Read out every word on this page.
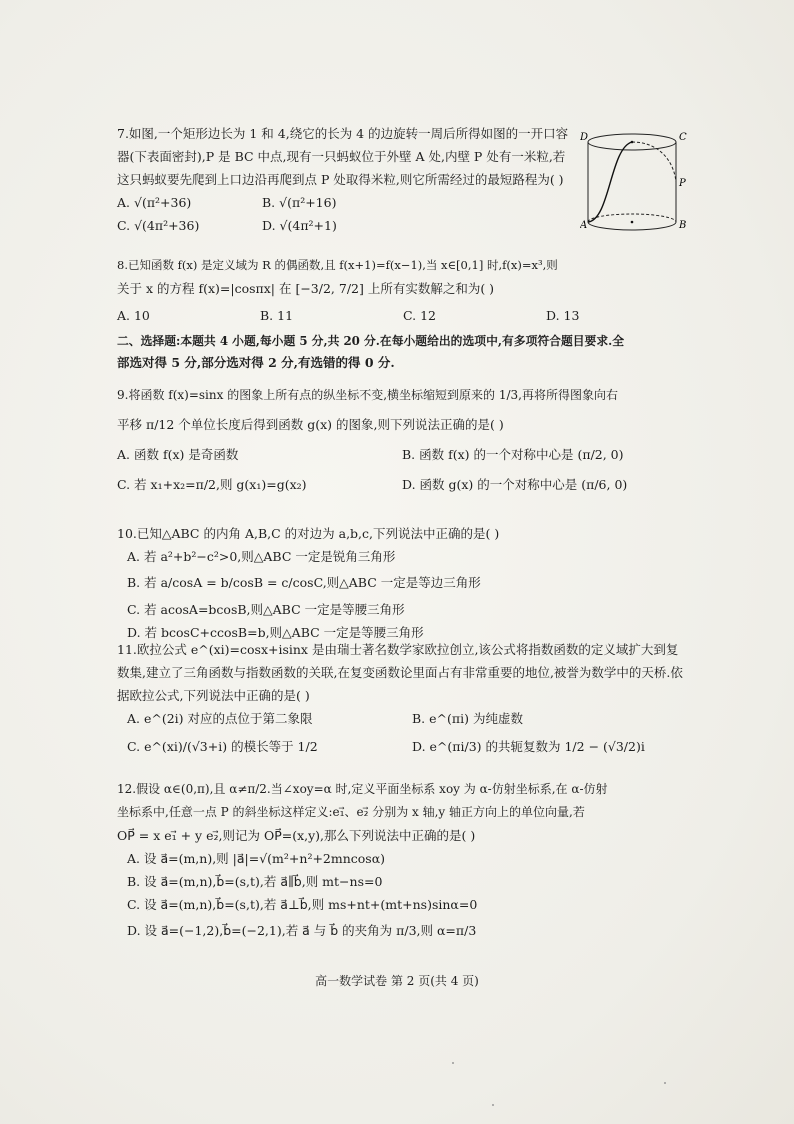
7.如图,一个矩形边长为 1 和 4,绕它的长为 4 的边旋转一周后所得如图的一开口容器(下表面密封),P 是 BC 中点,现有一只蚂蚁位于外壁 A 处,内壁 P 处有一米粒,若这只蚂蚁要先爬到上口边沿再爬到点 P 处取得米粒,则它所需经过的最短路程为( )

A. √(π²+36)	B. √(π²+16)
C. √(4π²+36)	D. √(4π²+1)
D	C
P
A	B

8.已知函数 f(x) 是定义域为 R 的偶函数,且 f(x+1)=f(x−1),当 x∈[0,1] 时,f(x)=x³,则

关于 x 的方程 f(x)=|cosπx| 在 [−3/2, 7/2] 上所有实数解之和为( )

A. 10	B. 11	C. 12	D. 13
二、选择题:本题共 4 小题,每小题 5 分,共 20 分.在每小题给出的选项中,有多项符合题目要求.全
部选对得 5 分,部分选对得 2 分,有选错的得 0 分.

9.将函数 f(x)=sinx 的图象上所有点的纵坐标不变,横坐标缩短到原来的 1/3,再将所得图象向右

平移 π/12 个单位长度后得到函数 g(x) 的图象,则下列说法正确的是( )

A. 函数 f(x) 是奇函数	B. 函数 f(x) 的一个对称中心是 (π/2, 0)
C. 若 x₁+x₂=π/2,则 g(x₁)=g(x₂)	D. 函数 g(x) 的一个对称中心是 (π/6, 0)

10.已知△ABC 的内角 A,B,C 的对边为 a,b,c,下列说法中正确的是( )

A. 若 a²+b²−c²>0,则△ABC 一定是锐角三角形

B. 若 a/cosA = b/cosB = c/cosC,则△ABC 一定是等边三角形

C. 若 acosA=bcosB,则△ABC 一定是等腰三角形

D. 若 bcosC+ccosB=b,则△ABC 一定是等腰三角形

11.欧拉公式 e^(xi)=cosx+isinx 是由瑞士著名数学家欧拉创立,该公式将指数函数的定义域扩大到复数集,建立了三角函数与指数函数的关联,在复变函数论里面占有非常重要的地位,被誉为数学中的天桥.依据欧拉公式,下列说法中正确的是( )

A. e^(2i) 对应的点位于第二象限	B. e^(πi) 为纯虚数
C. e^(xi)/(√3+i) 的模长等于 1/2	D. e^(πi/3) 的共轭复数为 1/2 − (√3/2)i

12.假设 α∈(0,π),且 α≠π/2.当∠xoy=α 时,定义平面坐标系 xoy 为 α-仿射坐标系,在 α-仿射

坐标系中,任意一点 P 的斜坐标这样定义:e₁⃗、e₂⃗ 分别为 x 轴,y 轴正方向上的单位向量,若

OP⃗ = x e₁⃗ + y e₂⃗,则记为 OP⃗=(x,y),那么下列说法中正确的是( )

A. 设 a⃗=(m,n),则 |a⃗|=√(m²+n²+2mncosα)

B. 设 a⃗=(m,n),b⃗=(s,t),若 a⃗∥b⃗,则 mt−ns=0

C. 设 a⃗=(m,n),b⃗=(s,t),若 a⃗⊥b⃗,则 ms+nt+(mt+ns)sinα=0

D. 设 a⃗=(−1,2),b⃗=(−2,1),若 a⃗ 与 b⃗ 的夹角为 π/3,则 α=π/3

高一数学试卷 第 2 页(共 4 页)
